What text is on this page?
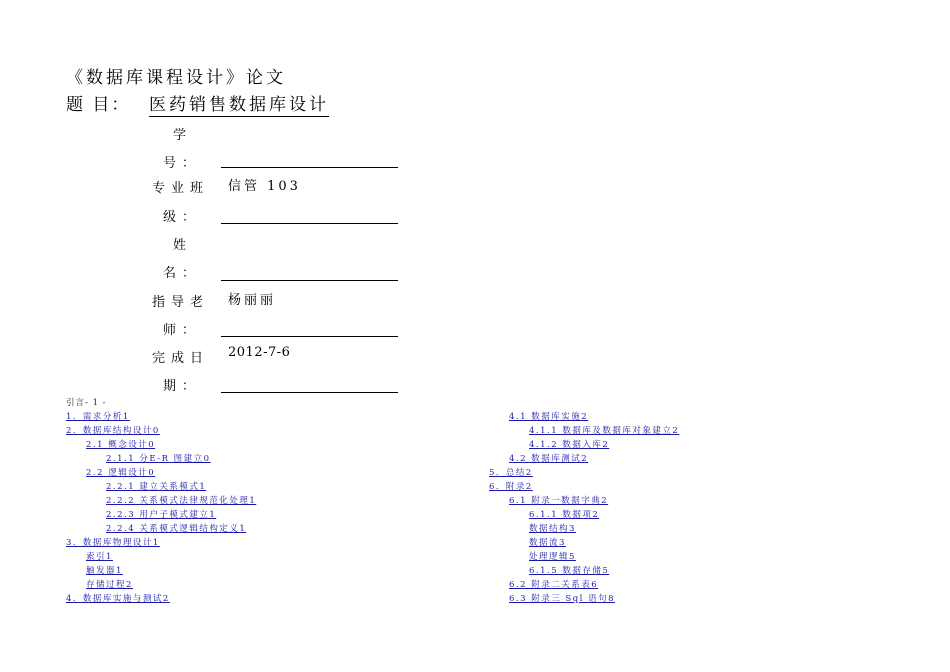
《数据库课程设计》论文
题 目： 医药销售数据库设计
学
号：
专业班 信管 103
级：
姓
名：
指导老 杨丽丽
师：
完成日 2012-7-6
期：
引言- 1 -
1．需求分析1
2．数据库结构设计0
2.1 概念设计0
2.1.1 分E-R 图建立0
2.2 逻辑设计0
2.2.1 建立关系模式1
2.2.2 关系模式法律规范化处理1
2.2.3 用户子模式建立1
2.2.4 关系模式逻辑结构定义1
3．数据库物理设计1
索引1
触发器1
存储过程2
4．数据库实施与测试2
4.1 数据库实施2
4.1.1 数据库及数据库对象建立2
4.1.2 数据入库2
4.2 数据库测试2
5．总结2
6．附录2
6.1 附录一数据字典2
6.1.1 数据项2
数据结构3
数据流3
处理逻辑5
6.1.5 数据存储5
6.2 附录二关系表6
6.3 附录三 Sql 语句8
